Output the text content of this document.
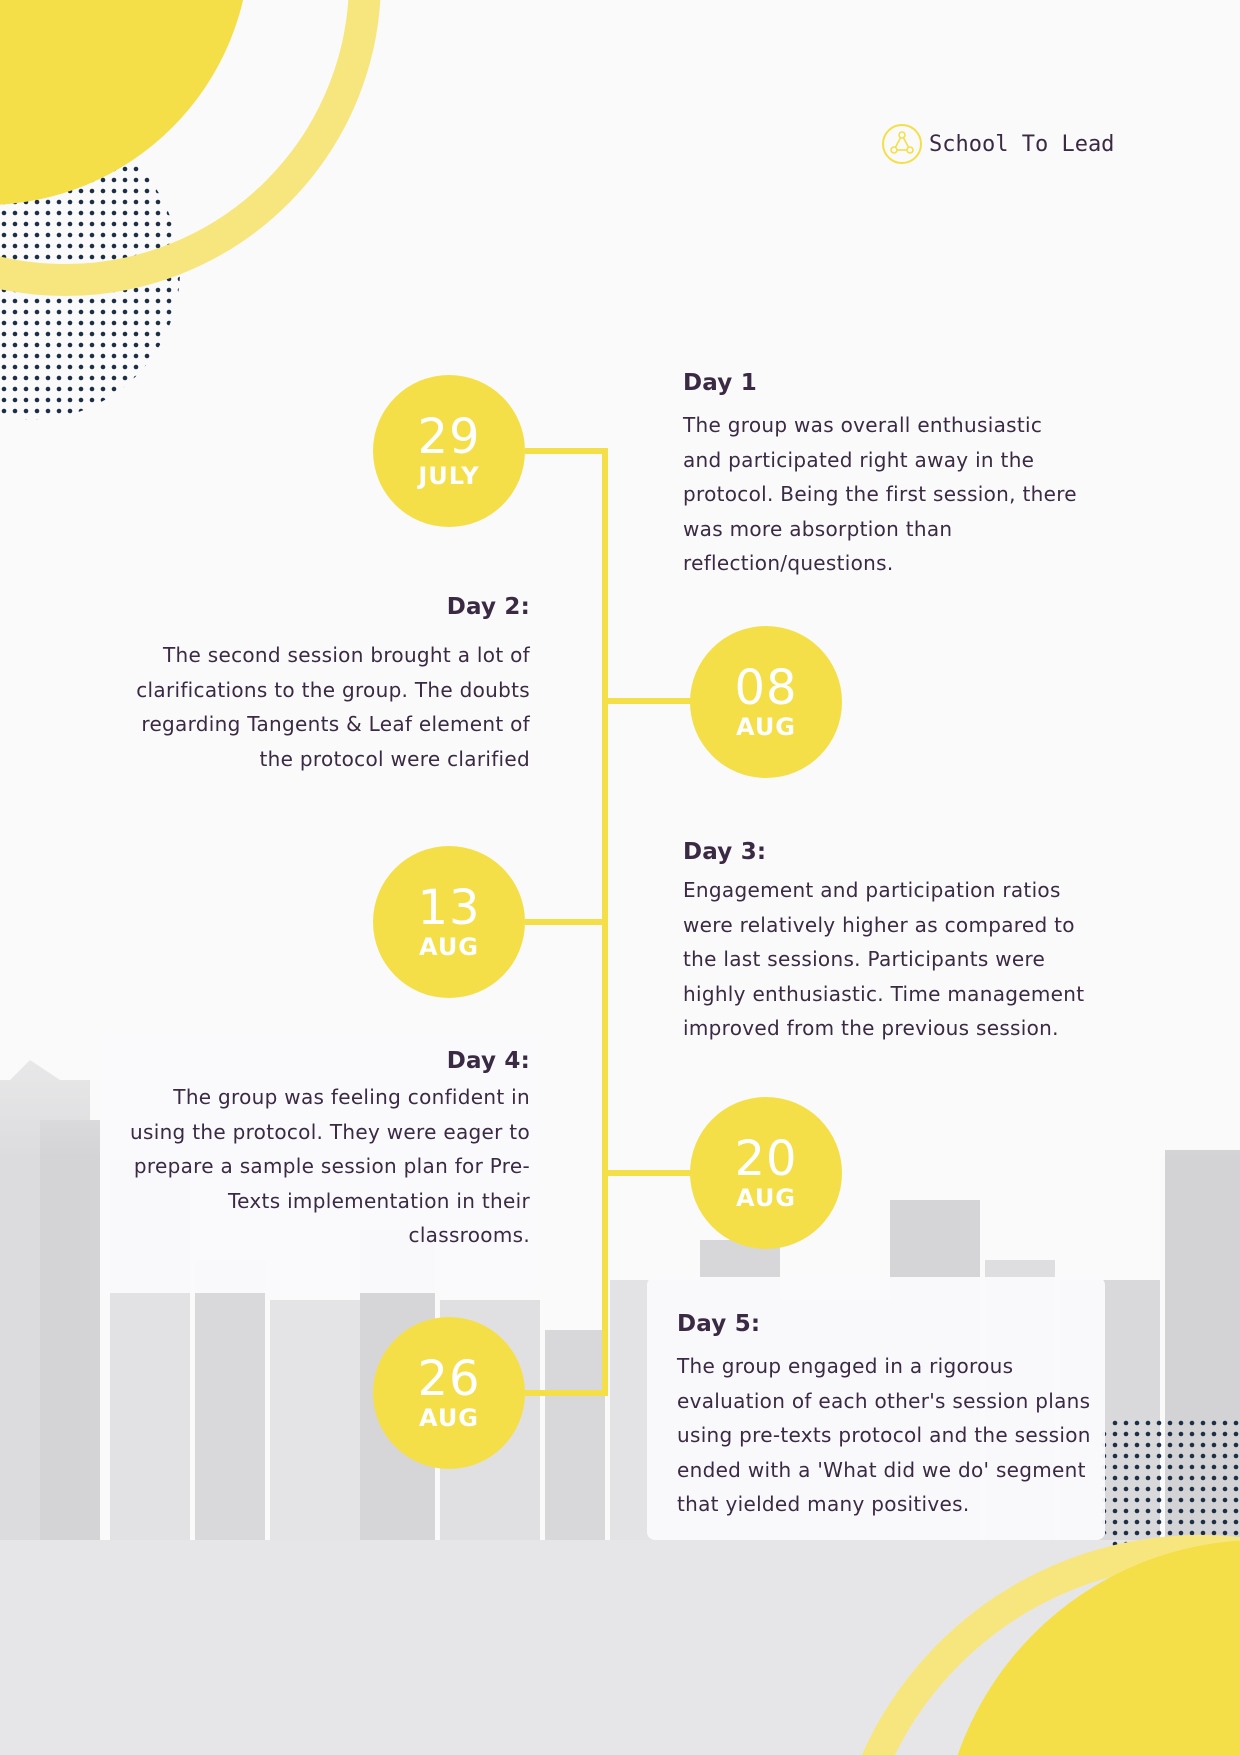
School To Lead
29
JULY
08
AUG
13
AUG
20
AUG
26
AUG
Day 1

The group was overall enthusiastic and participated right away in the protocol. Being the first session, there was more absorption than reflection/questions.

Day 2:

The second session brought a lot of clarifications to the group. The doubts regarding Tangents & Leaf element of the protocol were clarified

Day 3:

Engagement and participation ratios were relatively higher as compared to the last sessions. Participants were highly enthusiastic. Time management improved from the previous session.

Day 4:

The group was feeling confident in using the protocol. They were eager to prepare a sample session plan for Pre-Texts implementation in their classrooms.

Day 5:

The group engaged in a rigorous evaluation of each other's session plans using pre-texts protocol and the session ended with a 'What did we do' segment that yielded many positives.
